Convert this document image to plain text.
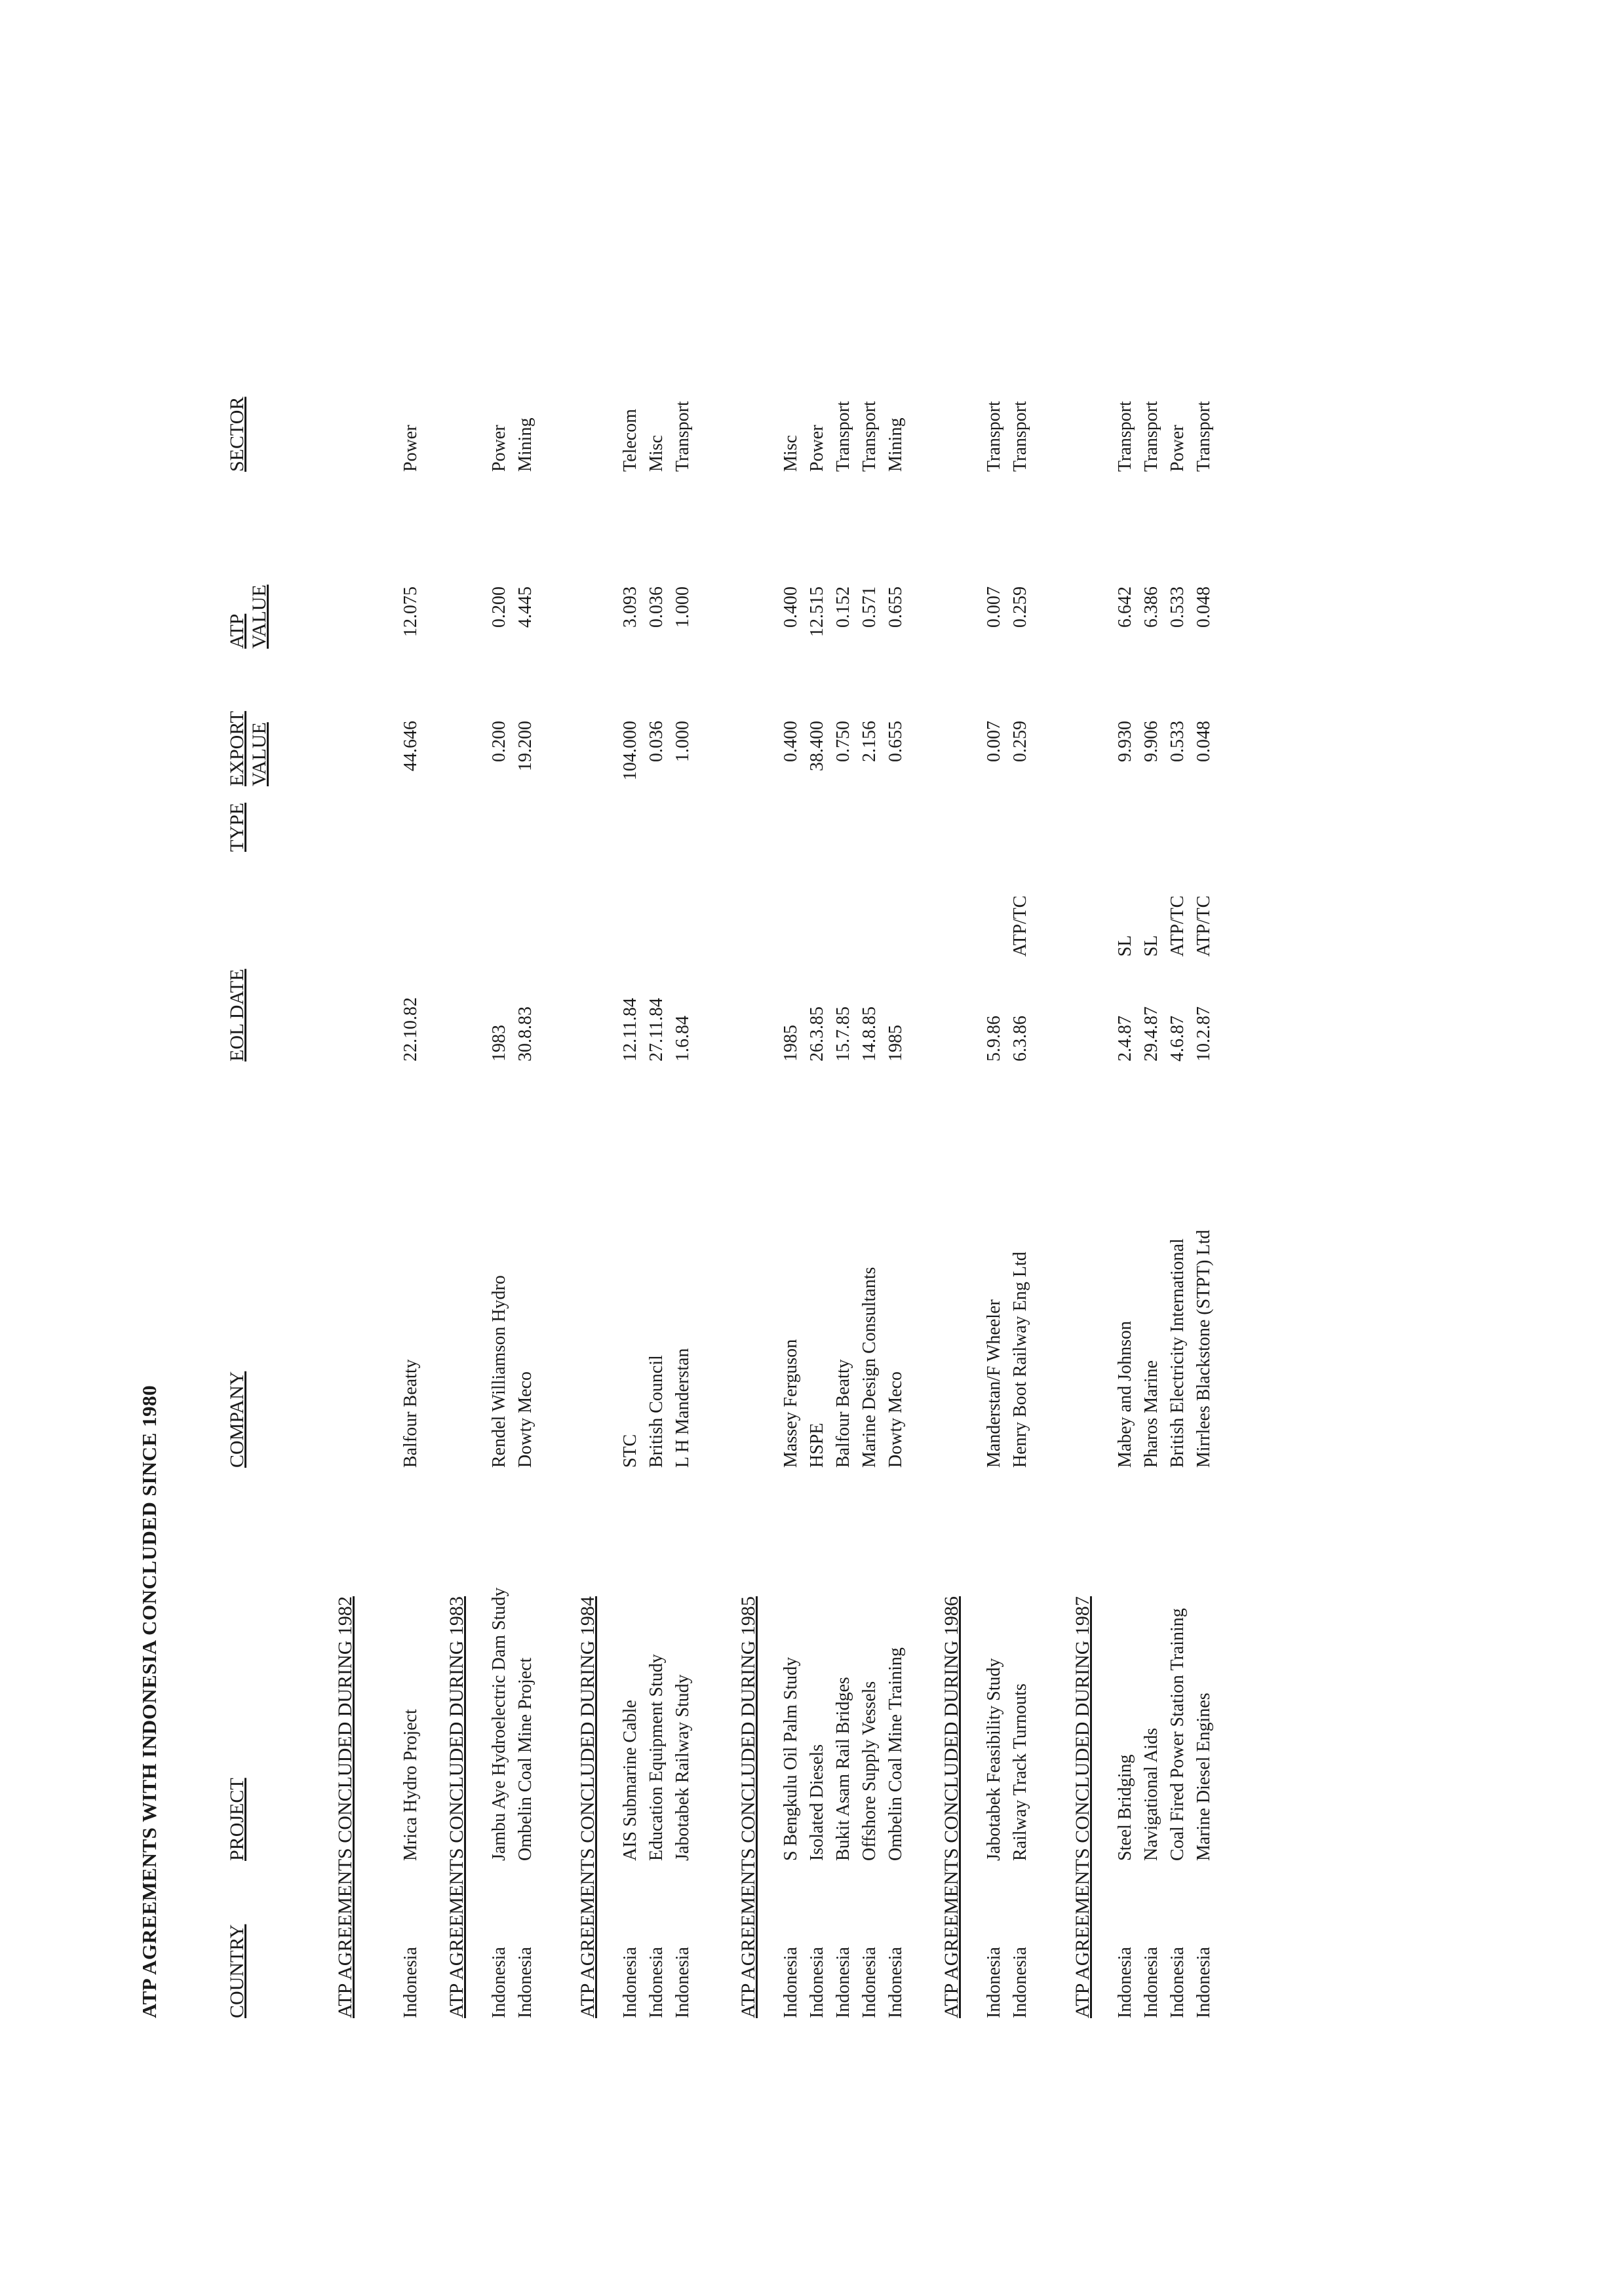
ATP AGREEMENTS WITH INDONESIA CONCLUDED SINCE 1980	COUNTRY
PROJECT
COMPANY
EOL DATE
TYPE
EXPORT VALUE
ATP VALUE
SECTOR
ATP AGREEMENTS CONCLUDED DURING 1982 Indonesia
Mrica Hydro Project
Balfour Beatty
22.10.82
44.646
12.075
Power
ATP AGREEMENTS CONCLUDED DURING 1983 Indonesia
Jambu Aye Hydroelectric Dam Study
Rendel Williamson Hydro
1983
0.200
0.200
Power
Indonesia
Ombelin Coal Mine Project
Dowty Meco
30.8.83
19.200
4.445
Mining
ATP AGREEMENTS CONCLUDED DURING 1984 Indonesia
AIS Submarine Cable
STC
12.11.84
104.000
3.093
Telecom
Indonesia
Education Equipment Study
British Council
27.11.84
0.036
0.036
Misc
Indonesia
Jabotabek Railway Study
L H Manderstan
1.6.84
1.000
1.000
Transport
ATP AGREEMENTS CONCLUDED DURING 1985 Indonesia
S Bengkulu Oil Palm Study
Massey Ferguson
1985
0.400
0.400
Misc
Indonesia
Isolated Diesels
HSPE
26.3.85
38.400
12.515
Power
Indonesia
Bukit Asam Rail Bridges
Balfour Beatty
15.7.85
0.750
0.152
Transport
Indonesia
Offshore Supply Vessels
Marine Design Consultants
14.8.85
2.156
0.571
Transport
Indonesia
Ombelin Coal Mine Training
Dowty Meco
1985
0.655
0.655
Mining
ATP AGREEMENTS CONCLUDED DURING 1986 Indonesia
Jabotabek Feasibility Study
Manderstan/F Wheeler
5.9.86
0.007
0.007
Transport
Indonesia
Railway Track Turnouts
Henry Boot Railway Eng Ltd
6.3.86
ATP/TC
0.259
0.259
Transport
ATP AGREEMENTS CONCLUDED DURING 1987 Indonesia
Steel Bridging
Mabey and Johnson
2.4.87
SL
9.930
6.642
Transport
Indonesia
Navigational Aids
Pharos Marine
29.4.87
SL
9.906
6.386
Transport
Indonesia
Coal Fired Power Station Training
British Electricity International
4.6.87
ATP/TC
0.533
0.533
Power
Indonesia
Marine Diesel Engines
Mirrlees Blackstone (STPT) Ltd
10.2.87
ATP/TC
0.048
0.048
Transport
